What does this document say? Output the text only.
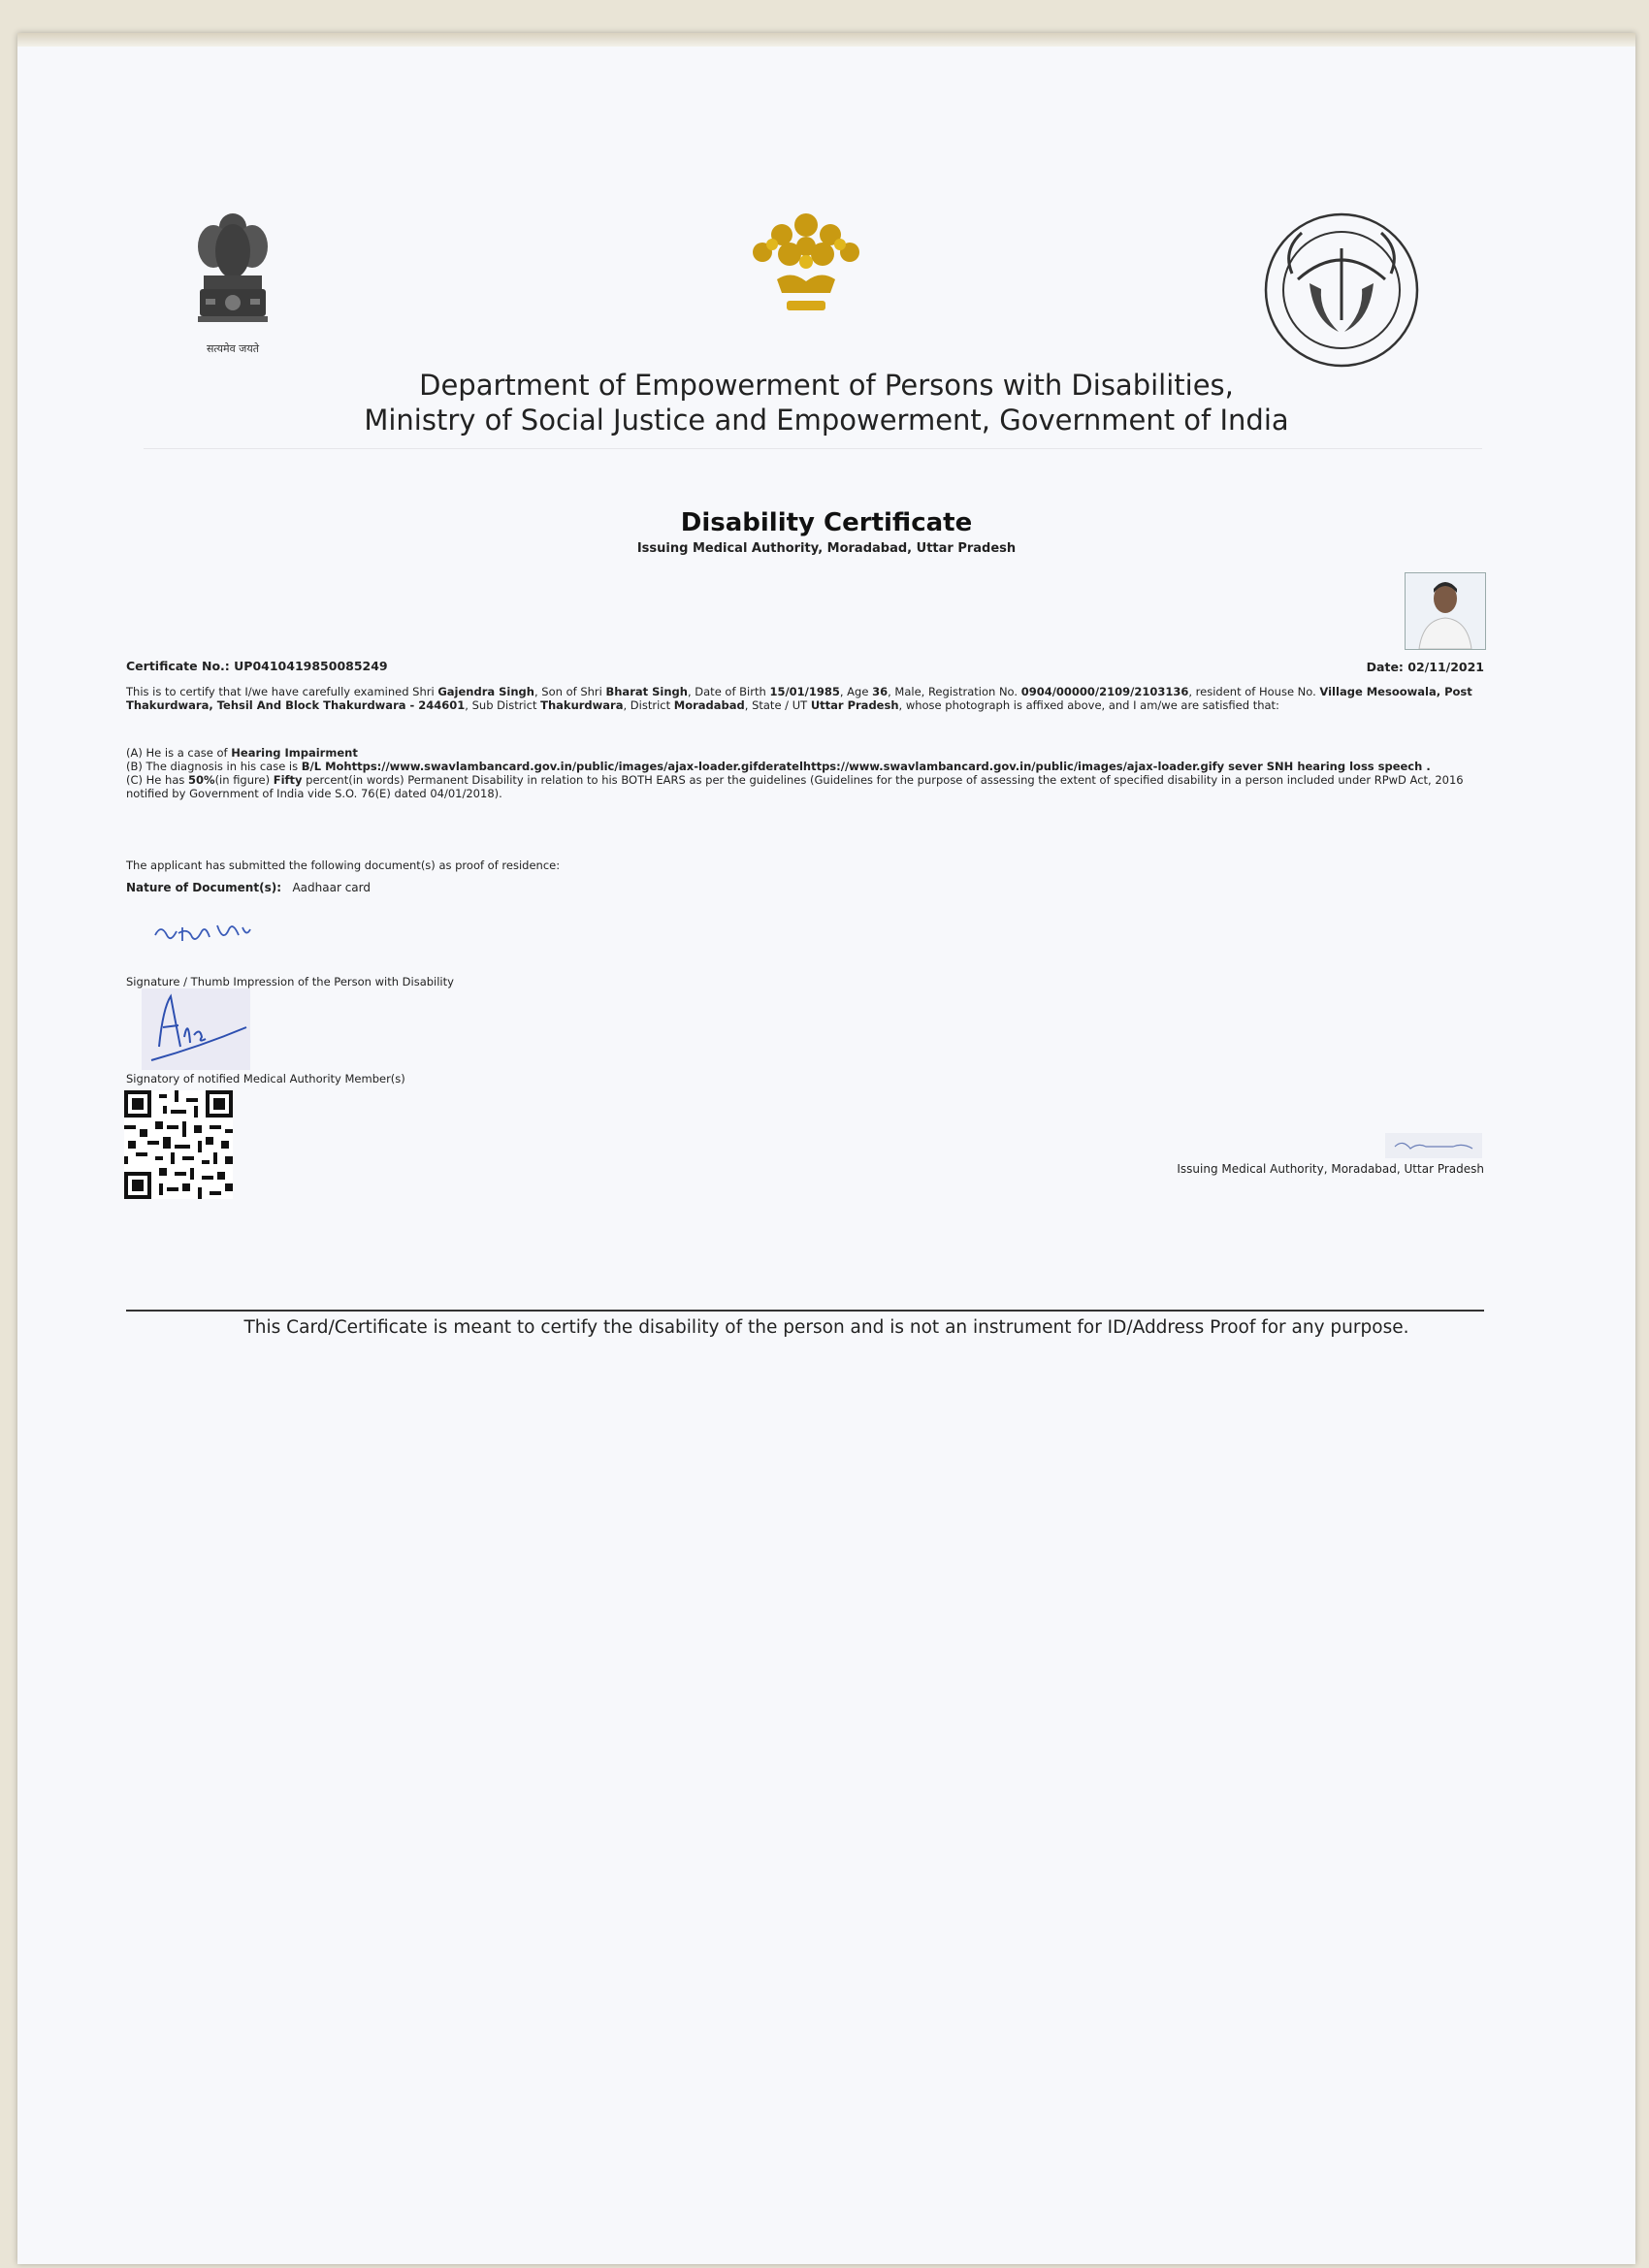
सत्यमेव जयते
Department of Empowerment of Persons with Disabilities,
Ministry of Social Justice and Empowerment, Government of India
Disability Certificate
Issuing Medical Authority, Moradabad, Uttar Pradesh
Certificate No.: UP0410419850085249	Date: 02/11/2021
This is to certify that I/we have carefully examined Shri Gajendra Singh, Son of Shri Bharat Singh, Date of Birth 15/01/1985, Age 36, Male, Registration No. 0904/00000/2109/2103136, resident of House No. Village Mesoowala, Post Thakurdwara, Tehsil And Block Thakurdwara - 244601, Sub District Thakurdwara, District Moradabad, State / UT Uttar Pradesh, whose photograph is affixed above, and I am/we are satisfied that:
(A) He is a case of Hearing Impairment
(B) The diagnosis in his case is B/L Mohttps://www.swavlambancard.gov.in/public/images/ajax-loader.gifderatelhttps://www.swavlambancard.gov.in/public/images/ajax-loader.gify sever SNH hearing loss speech .
(C) He has 50%(in figure) Fifty percent(in words) Permanent Disability in relation to his BOTH EARS as per the guidelines (Guidelines for the purpose of assessing the extent of specified disability in a person included under RPwD Act, 2016 notified by Government of India vide S.O. 76(E) dated 04/01/2018).
The applicant has submitted the following document(s) as proof of residence:
Nature of Document(s): Aadhaar card
Signature / Thumb Impression of the Person with Disability
Signatory of notified Medical Authority Member(s)
Issuing Medical Authority, Moradabad, Uttar Pradesh
This Card/Certificate is meant to certify the disability of the person and is not an instrument for ID/Address Proof for any purpose.
